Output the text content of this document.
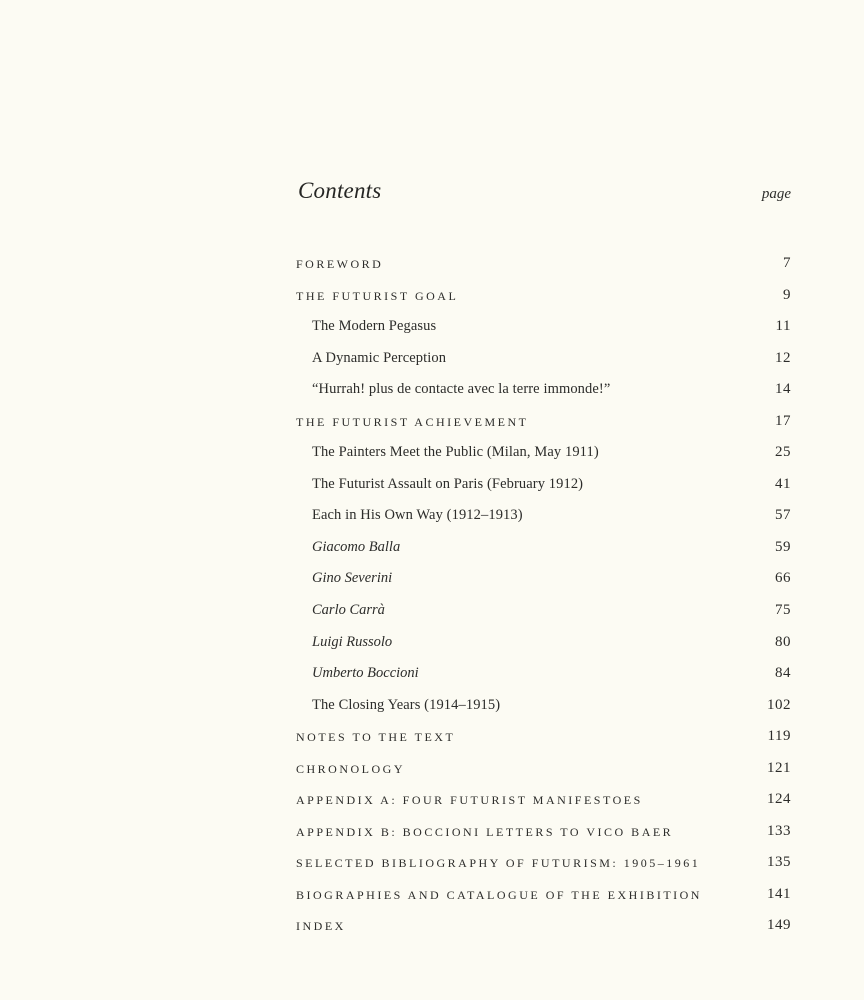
Contents	page
FOREWORD	7
THE FUTURIST GOAL	9
The Modern Pegasus	11
A Dynamic Perception	12
“Hurrah! plus de contacte avec la terre immonde!”	14
THE FUTURIST ACHIEVEMENT	17
The Painters Meet the Public (Milan, May 1911)	25
The Futurist Assault on Paris (February 1912)	41
Each in His Own Way (1912–1913)	57
Giacomo Balla	59
Gino Severini	66
Carlo Carrà	75
Luigi Russolo	80
Umberto Boccioni	84
The Closing Years (1914–1915)	102
NOTES TO THE TEXT	119
CHRONOLOGY	121
APPENDIX A: FOUR FUTURIST MANIFESTOES	124
APPENDIX B: BOCCIONI LETTERS TO VICO BAER	133
SELECTED BIBLIOGRAPHY OF FUTURISM: 1905–1961	135
BIOGRAPHIES AND CATALOGUE OF THE EXHIBITION	141
INDEX	149
